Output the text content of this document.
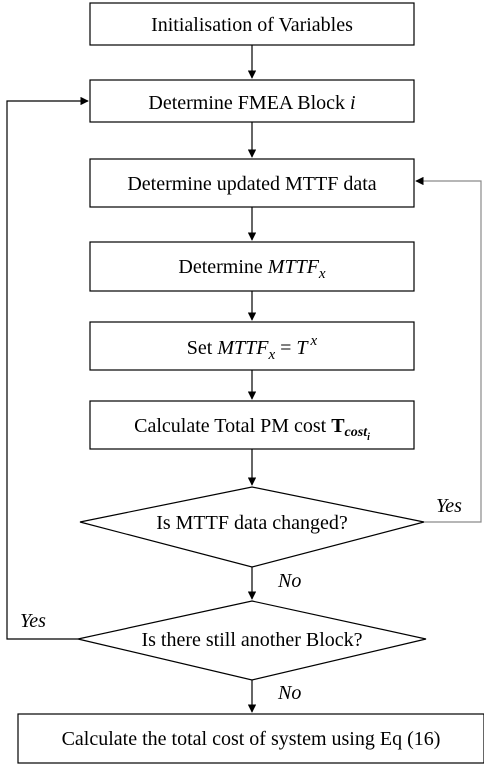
Initialisation of Variables
Determine FMEA Block i
Determine updated MTTF data
Determine $MTTF_x$
Set $MTTF_x = T$ $^x$
Calculate Total PM cost $T_{costi}$
Is MTTF data changed?
Yes
No
Is there still another Block?
Yes
No
Calculate the total cost of system using Eq (16)
